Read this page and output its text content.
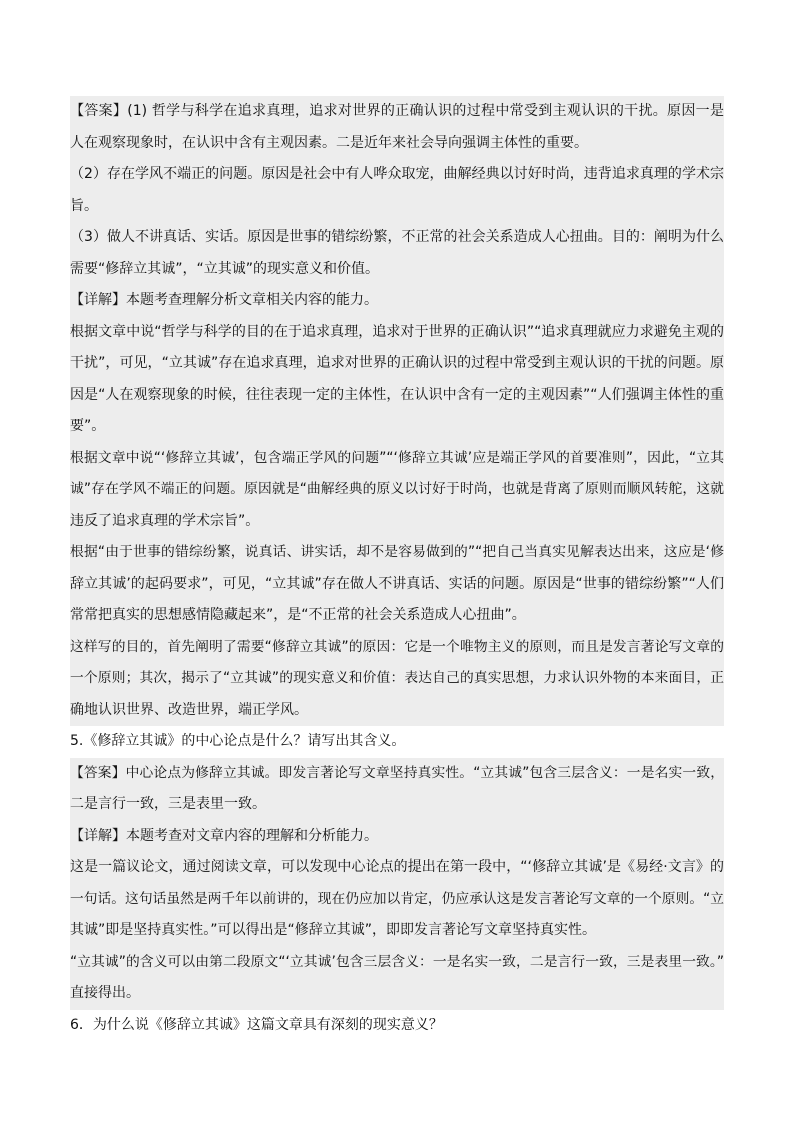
【答案】(1) 哲学与科学在追求真理，追求对世界的正确认识的过程中常受到主观认识的干扰。原因一是
人在观察现象时，在认识中含有主观因素。二是近年来社会导向强调主体性的重要。
（2）存在学风不端正的问题。原因是社会中有人哗众取宠，曲解经典以讨好时尚，违背追求真理的学术宗
旨。
（3）做人不讲真话、实话。原因是世事的错综纷繁，不正常的社会关系造成人心扭曲。目的：阐明为什么
需要“修辞立其诚”，“立其诚”的现实意义和价值。
【详解】本题考查理解分析文章相关内容的能力。
根据文章中说“哲学与科学的目的在于追求真理，追求对于世界的正确认识”“追求真理就应力求避免主观的
干扰”，可见，“立其诚”存在追求真理，追求对世界的正确认识的过程中常受到主观认识的干扰的问题。原
因是“人在观察现象的时候，往往表现一定的主体性，在认识中含有一定的主观因素”“人们强调主体性的重
要”。
根据文章中说“‘修辞立其诚’，包含端正学风的问题”“‘修辞立其诚’应是端正学风的首要准则”，因此，“立其
诚”存在学风不端正的问题。原因就是“曲解经典的原义以讨好于时尚，也就是背离了原则而顺风转舵，这就
违反了追求真理的学术宗旨”。
根据“由于世事的错综纷繁，说真话、讲实话，却不是容易做到的”“把自己当真实见解表达出来，这应是‘修
辞立其诚’的起码要求”，可见，“立其诚”存在做人不讲真话、实话的问题。原因是“世事的错综纷繁”“人们
常常把真实的思想感情隐藏起来”，是“不正常的社会关系造成人心扭曲”。
这样写的目的，首先阐明了需要“修辞立其诚”的原因：它是一个唯物主义的原则，而且是发言著论写文章的
一个原则；其次，揭示了“立其诚”的现实意义和价值：表达自己的真实思想，力求认识外物的本来面目，正
确地认识世界、改造世界，端正学风。
5.《修辞立其诚》的中心论点是什么？请写出其含义。
【答案】中心论点为修辞立其诚。即发言著论写文章坚持真实性。“立其诚”包含三层含义：一是名实一致，
二是言行一致，三是表里一致。
【详解】本题考查对文章内容的理解和分析能力。
这是一篇议论文，通过阅读文章，可以发现中心论点的提出在第一段中，“‘修辞立其诚’是《易经·文言》的
一句话。这句话虽然是两千年以前讲的，现在仍应加以肯定，仍应承认这是发言著论写文章的一个原则。“立
其诚”即是坚持真实性。”可以得出是“修辞立其诚”，即即发言著论写文章坚持真实性。
“立其诚”的含义可以由第二段原文“‘立其诚’包含三层含义：一是名实一致，二是言行一致，三是表里一致。”
直接得出。
6．为什么说《修辞立其诚》这篇文章具有深刻的现实意义？
